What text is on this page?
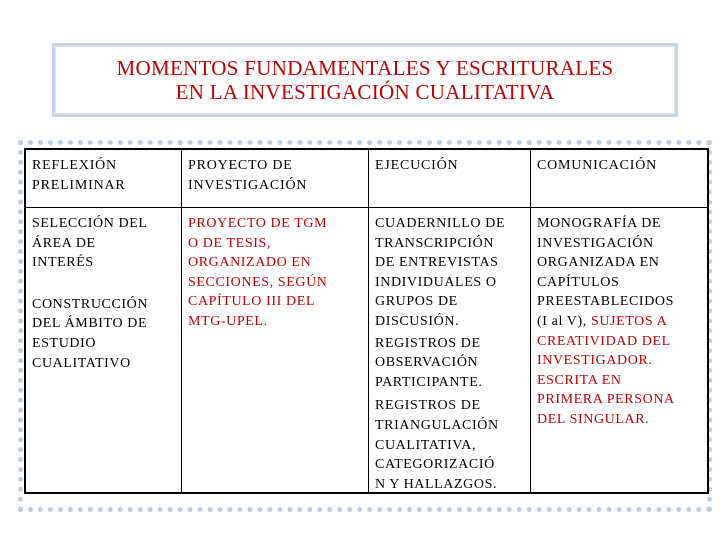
MOMENTOS FUNDAMENTALES Y ESCRITURALES
EN LA INVESTIGACIÓN CUALITATIVA
REFLEXIÓN
PRELIMINAR
PROYECTO DE
INVESTIGACIÓN
EJECUCIÓN	COMUNICACIÓN
SELECCIÓN DEL
ÁREA DE
INTERÉS
CONSTRUCCIÓN
DEL ÁMBITO DE
ESTUDIO
CUALITATIVO
PROYECTO DE TGM
O DE TESIS,
ORGANIZADO EN
SECCIONES, SEGÚN
CAPÍTULO III DEL
MTG-UPEL.
CUADERNILLO DE
TRANSCRIPCIÓN
DE ENTREVISTAS
INDIVIDUALES O
GRUPOS DE
DISCUSIÓN.
REGISTROS DE
OBSERVACIÓN
PARTICIPANTE.
REGISTROS DE
TRIANGULACIÓN
CUALITATIVA,
CATEGORIZACIÓ
N Y HALLAZGOS.
MONOGRAFÍA DE
INVESTIGACIÓN
ORGANIZADA EN
CAPÍTULOS
PREESTABLECIDOS
(I al V), SUJETOS A
CREATIVIDAD DEL
INVESTIGADOR.
ESCRITA EN
PRIMERA PERSONA
DEL SINGULAR.
